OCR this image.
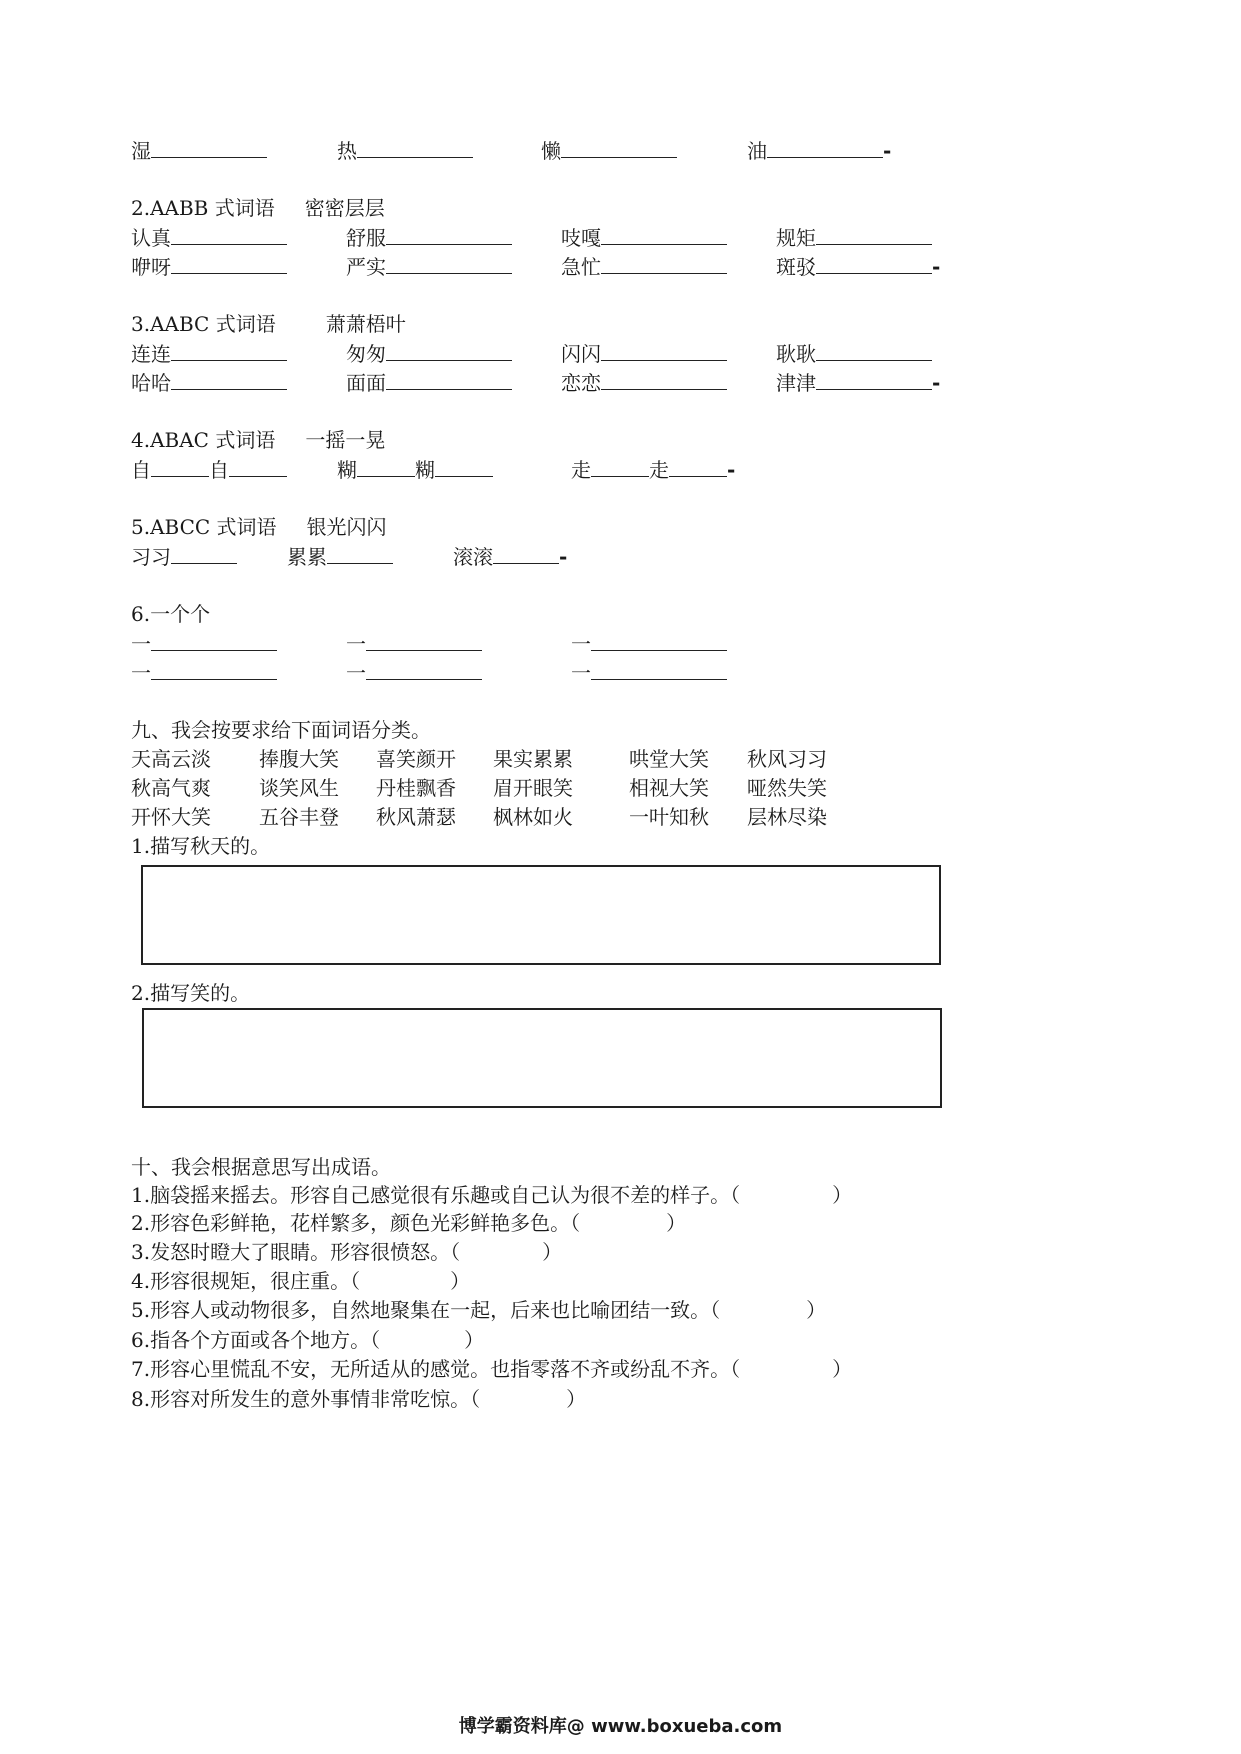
湿	热	懒	油	-
2.AABB 式词语 密密层层
认真	舒服	吱嘎	规矩
咿呀	严实	急忙	斑驳	-
3.AABC 式词语	萧萧梧叶
连连	匆匆	闪闪	耿耿
哈哈	面面	恋恋	津津	-
4.ABAC 式词语 一摇一晃
自	自	糊	糊	走	走	-
5.ABCC 式词语 银光闪闪
习习	累累	滚滚	-
6.一个个
一	一	一
一	一	一
九、我会按要求给下面词语分类。
天高云淡 捧腹大笑 喜笑颜开 果实累累	哄堂大笑 秋风习习
秋高气爽 谈笑风生 丹桂飘香 眉开眼笑	相视大笑 哑然失笑
开怀大笑 五谷丰登 秋风萧瑟 枫林如火	一叶知秋 层林尽染
1.描写秋天的。
2.描写笑的。
十、我会根据意思写出成语。
1.脑袋摇来摇去。形容自己感觉很有乐趣或自己认为很不差的样子。（	）
2.形容色彩鲜艳，花样繁多，颜色光彩鲜艳多色。（	）
3.发怒时瞪大了眼睛。形容很愤怒。（	）
4.形容很规矩，很庄重。（	）
5.形容人或动物很多，自然地聚集在一起，后来也比喻团结一致。（	）
6.指各个方面或各个地方。（	）
7.形容心里慌乱不安，无所适从的感觉。也指零落不齐或纷乱不齐。（	）
8.形容对所发生的意外事情非常吃惊。（	）
博学霸资料库@ www.boxueba.com
